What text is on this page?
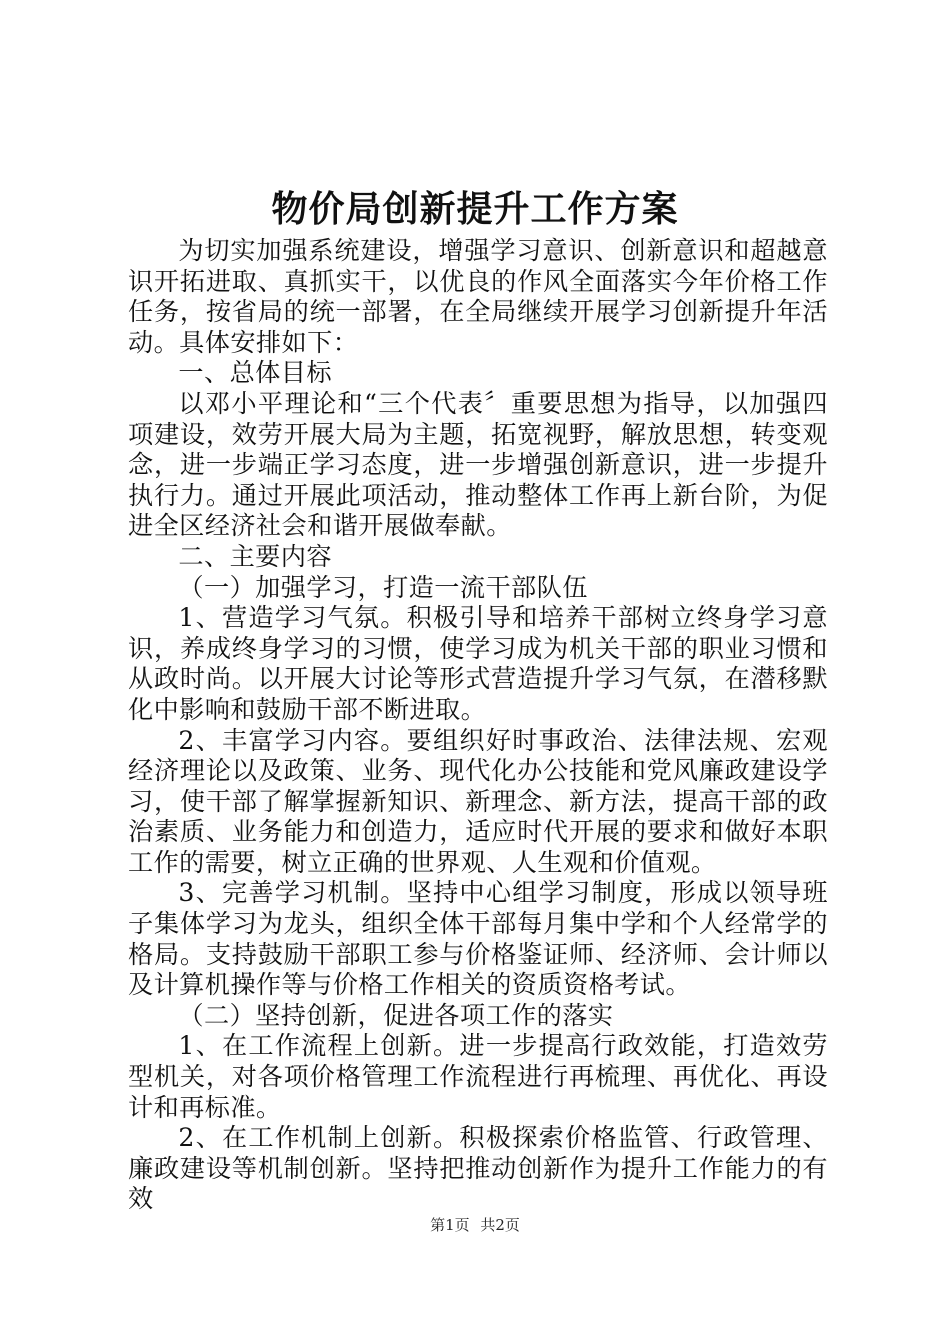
物价局创新提升工作方案

为切实加强系统建设，增强学习意识、创新意识和超越意识开拓进取、真抓实干，以优良的作风全面落实今年价格工作任务，按省局的统一部署，在全局继续开展学习创新提升年活动。具体安排如下：

一、总体目标

以邓小平理论和“三个代表〞重要思想为指导，以加强四项建设，效劳开展大局为主题，拓宽视野，解放思想，转变观念，进一步端正学习态度，进一步增强创新意识，进一步提升执行力。通过开展此项活动，推动整体工作再上新台阶，为促进全区经济社会和谐开展做奉献。

二、主要内容

（一）加强学习，打造一流干部队伍

1、营造学习气氛。积极引导和培养干部树立终身学习意识，养成终身学习的习惯，使学习成为机关干部的职业习惯和从政时尚。以开展大讨论等形式营造提升学习气氛，在潜移默化中影响和鼓励干部不断进取。

2、丰富学习内容。要组织好时事政治、法律法规、宏观经济理论以及政策、业务、现代化办公技能和党风廉政建设学习，使干部了解掌握新知识、新理念、新方法，提高干部的政治素质、业务能力和创造力，适应时代开展的要求和做好本职工作的需要，树立正确的世界观、人生观和价值观。

3、完善学习机制。坚持中心组学习制度，形成以领导班子集体学习为龙头，组织全体干部每月集中学和个人经常学的格局。支持鼓励干部职工参与价格鉴证师、经济师、会计师以及计算机操作等与价格工作相关的资质资格考试。

（二）坚持创新，促进各项工作的落实

1、在工作流程上创新。进一步提高行政效能，打造效劳型机关，对各项价格管理工作流程进行再梳理、再优化、再设计和再标准。

2、在工作机制上创新。积极探索价格监管、行政管理、廉政建设等机制创新。坚持把推动创新作为提升工作能力的有效

第1页 共2页
